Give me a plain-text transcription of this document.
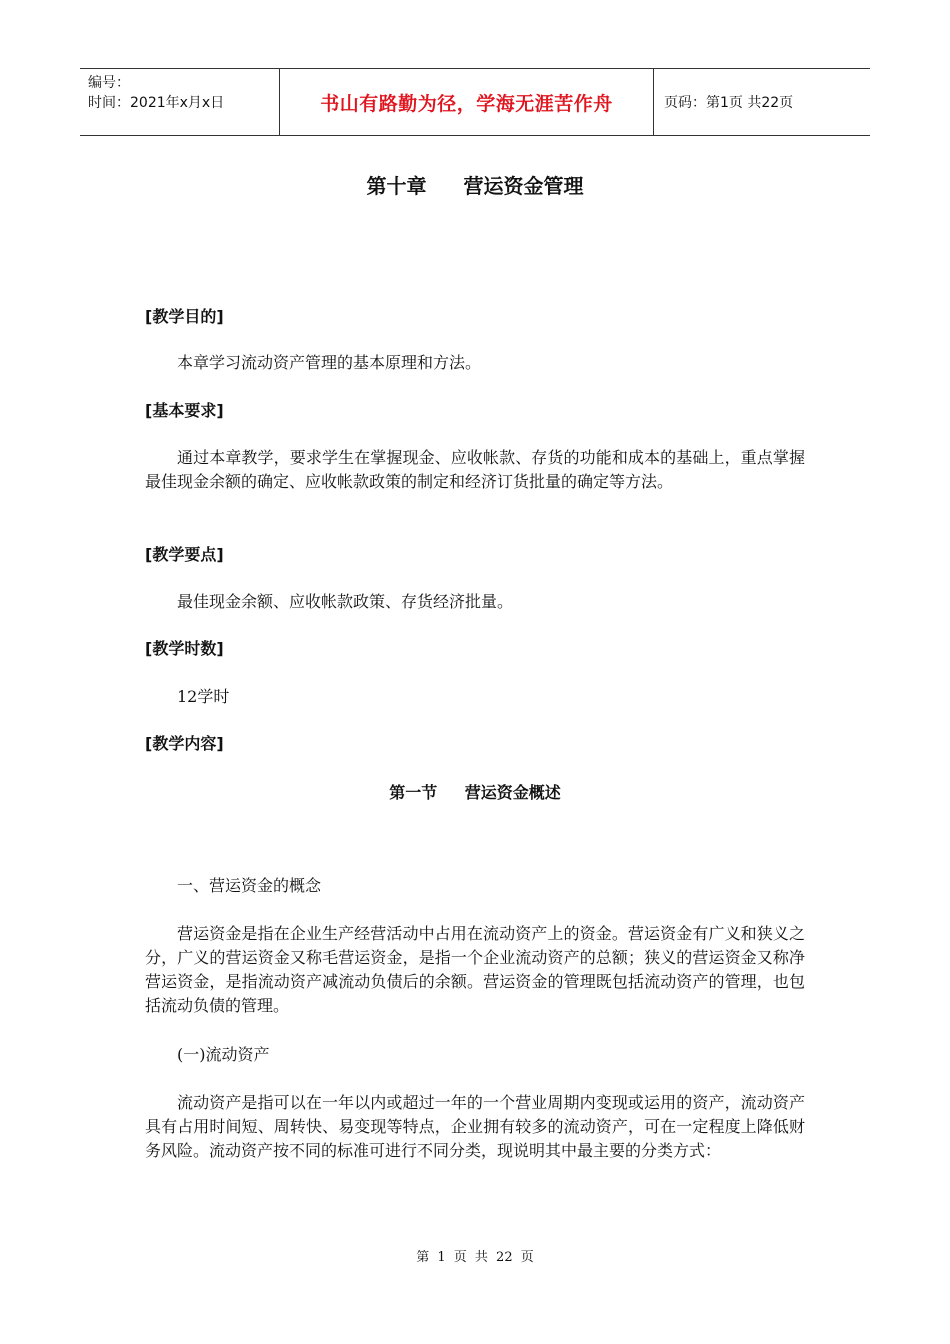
编号：
时间：2021年x月x日	书山有路勤为径，学海无涯苦作舟	页码：第1页 共22页
第十章 营运资金管理
[教学目的]
本章学习流动资产管理的基本原理和方法。
[基本要求]
通过本章教学，要求学生在掌握现金、应收帐款、存货的功能和成本的基础上，重点掌握最佳现金余额的确定、应收帐款政策的制定和经济订货批量的确定等方法。
[教学要点]
最佳现金余额、应收帐款政策、存货经济批量。
[教学时数]
12学时
[教学内容]
第一节 营运资金概述
一、营运资金的概念
营运资金是指在企业生产经营活动中占用在流动资产上的资金。营运资金有广义和狭义之分，广义的营运资金又称毛营运资金，是指一个企业流动资产的总额；狭义的营运资金又称净营运资金，是指流动资产减流动负债后的余额。营运资金的管理既包括流动资产的管理，也包括流动负债的管理。
(一)流动资产
流动资产是指可以在一年以内或超过一年的一个营业周期内变现或运用的资产，流动资产具有占用时间短、周转快、易变现等特点，企业拥有较多的流动资产，可在一定程度上降低财务风险。流动资产按不同的标准可进行不同分类，现说明其中最主要的分类方式：
第 1 页 共 22 页
